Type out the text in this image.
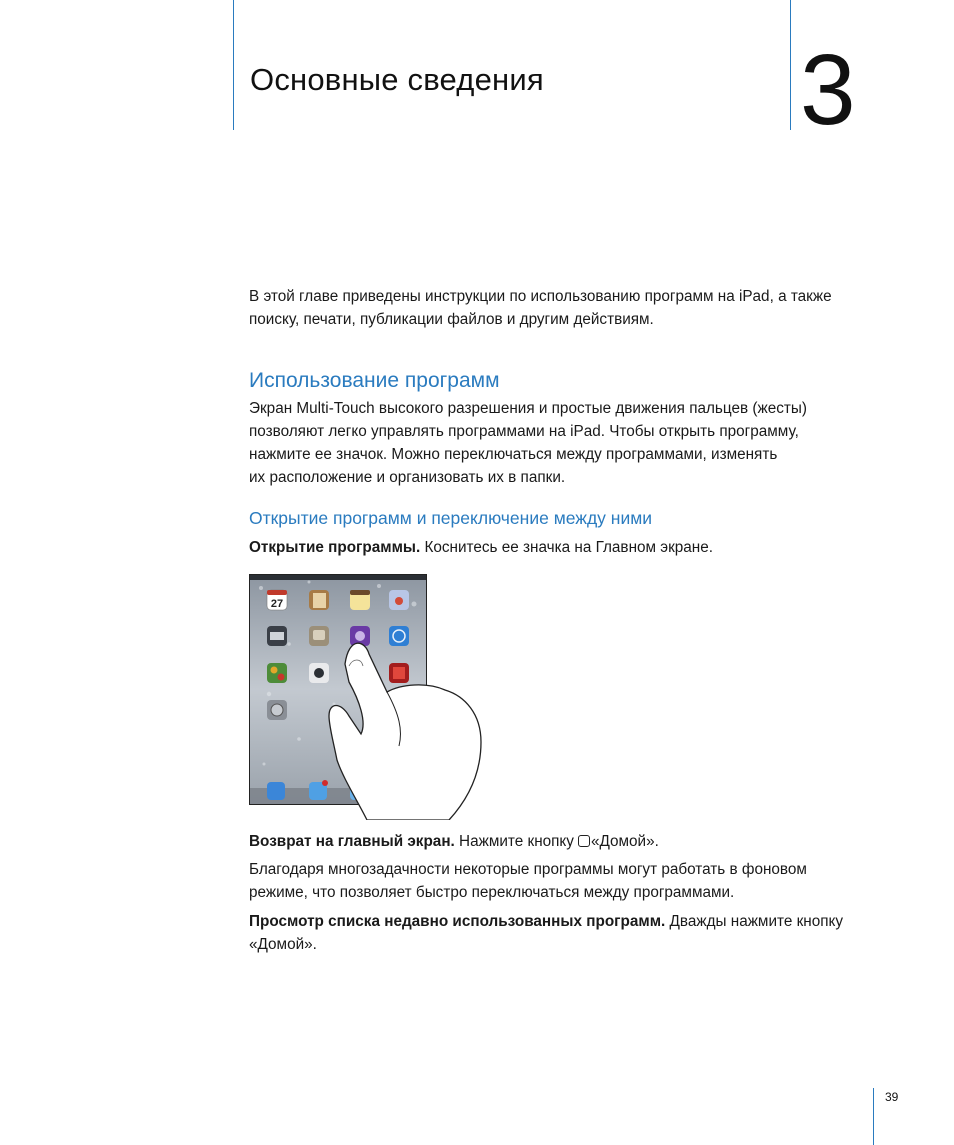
Основные сведения	3

В этой главе приведены инструкции по использованию программ на iPad, а также
поиску, печати, публикации файлов и другим действиям.

Использование программ

Экран Multi-Touch высокого разрешения и простые движения пальцев (жесты)
позволяют легко управлять программами на iPad. Чтобы открыть программу,
нажмите ее значок. Можно переключаться между программами, изменять
их расположение и организовать их в папки.

Открытие программ и переключение между ними

Открытие программы. Коснитесь ее значка на Главном экране.

27

Возврат на главный экран. Нажмите кнопку «Домой».

Благодаря многозадачности некоторые программы могут работать в фоновом
режиме, что позволяет быстро переключаться между программами.

Просмотр списка недавно использованных программ. Дважды нажмите кнопку
«Домой».

39
